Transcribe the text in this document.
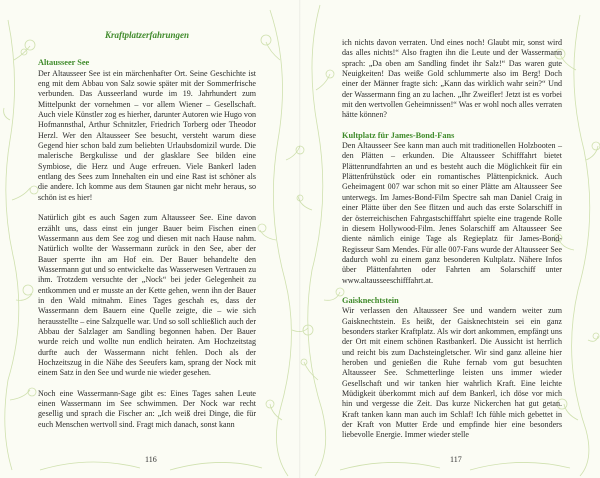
Kraftplatzerfahrungen
Altausseer See

Der Altausseer See ist ein märchenhafter Ort. Seine Geschichte ist eng mit dem Abbau von Salz sowie später mit der Sommerfrische verbunden. Das Ausseerland wurde im 19. Jahrhundert zum Mittelpunkt der vornehmen – vor allem Wiener – Gesellschaft. Auch viele Künstler zog es hierher, darunter Autoren wie Hugo von Hofmannsthal, Arthur Schnitzler, Friedrich Torberg oder Theodor Herzl. Wer den Altausseer See besucht, versteht warum diese Gegend hier schon bald zum beliebten Urlaubsdomizil wurde. Die malerische Bergkulisse und der glasklare See bilden eine Symbiose, die Herz und Auge erfreuen. Viele Bankerl laden entlang des Sees zum Innehalten ein und eine Rast ist schöner als die andere. Ich komme aus dem Staunen gar nicht mehr heraus, so schön ist es hier!

Natürlich gibt es auch Sagen zum Altausseer See. Eine davon erzählt uns, dass einst ein junger Bauer beim Fischen einen Wassermann aus dem See zog und diesen mit nach Hause nahm. Natürlich wollte der Wassermann zurück in den See, aber der Bauer sperrte ihn am Hof ein. Der Bauer behandelte den Wassermann gut und so entwickelte das Wasserwesen Vertrauen zu ihm. Trotzdem versuchte der „Nock“ bei jeder Gelegenheit zu entkommen und er musste an der Kette gehen, wenn ihn der Bauer in den Wald mitnahm. Eines Tages geschah es, dass der Wassermann dem Bauern eine Quelle zeigte, die – wie sich herausstellte – eine Salzquelle war. Und so soll schließlich auch der Abbau der Salzlager am Sandling begonnen haben. Der Bauer wurde reich und wollte nun endlich heiraten. Am Hochzeitstag durfte auch der Wassermann nicht fehlen. Doch als der Hochzeitszug in die Nähe des Seeufers kam, sprang der Nock mit einem Satz in den See und wurde nie wieder gesehen.

Noch eine Wassermann-Sage gibt es: Eines Tages sahen Leute einen Wassermann im See schwimmen. Der Nock war recht gesellig und sprach die Fischer an: „Ich weiß drei Dinge, die für euch Menschen wertvoll sind. Fragt mich danach, sonst kann

116

ich nichts davon verraten. Und eines noch! Glaubt mir, sonst wird das alles nichts!“ Also fragten ihn die Leute und der Wassermann sprach: „Da oben am Sandling findet ihr Salz!“ Das waren gute Neuigkeiten! Das weiße Gold schlummerte also im Berg! Doch einer der Männer fragte sich: „Kann das wirklich wahr sein?“ Und der Wassermann fing an zu lachen. „Ihr Zweifler! Jetzt ist es vorbei mit den wertvollen Geheimnissen!“ Was er wohl noch alles verraten hätte können?

Kultplatz für James-Bond-Fans

Den Altausseer See kann man auch mit traditionellen Holzbooten – den Plätten – erkunden. Die Altausseer Schifffahrt bietet Plättenrundfahrten an und es besteht auch die Möglichkeit für ein Plättenfrühstück oder ein romantisches Plättenpicknick. Auch Geheimagent 007 war schon mit so einer Plätte am Altausseer See unterwegs. Im James-Bond-Film Spectre sah man Daniel Craig in einer Plätte über den See flitzen und auch das erste Solarschiff in der österreichischen Fahrgastschifffahrt spielte eine tragende Rolle in diesem Hollywood-Film. Jenes Solarschiff am Altausseer See diente nämlich einige Tage als Regieplatz für James-Bond-Regisseur Sam Mendes. Für alle 007-Fans wurde der Altausseer See dadurch wohl zu einem ganz besonderen Kultplatz. Nähere Infos über Plättenfahrten oder Fahrten am Solarschiff unter www.altausseeschifffahrt.at.

Gaisknechtstein

Wir verlassen den Altausseer See und wandern weiter zum Gaisknechtstein. Es heißt, der Gaisknechtstein sei ein ganz besonders starker Kraftplatz. Als wir dort ankommen, empfängt uns der Ort mit einem schönen Rastbankerl. Die Aussicht ist herrlich und reicht bis zum Dachsteingletscher. Wir sind ganz alleine hier heroben und genießen die Ruhe fernab vom gut besuchten Altausseer See. Schmetterlinge leisten uns immer wieder Gesellschaft und wir tanken hier wahrlich Kraft. Eine leichte Müdigkeit überkommt mich auf dem Bankerl, ich döse vor mich hin und vergesse die Zeit. Das kurze Nickerchen hat gut getan. Kraft tanken kann man auch im Schlaf! Ich fühle mich gebettet in der Kraft von Mutter Erde und empfinde hier eine besonders liebevolle Energie. Immer wieder stelle

117
